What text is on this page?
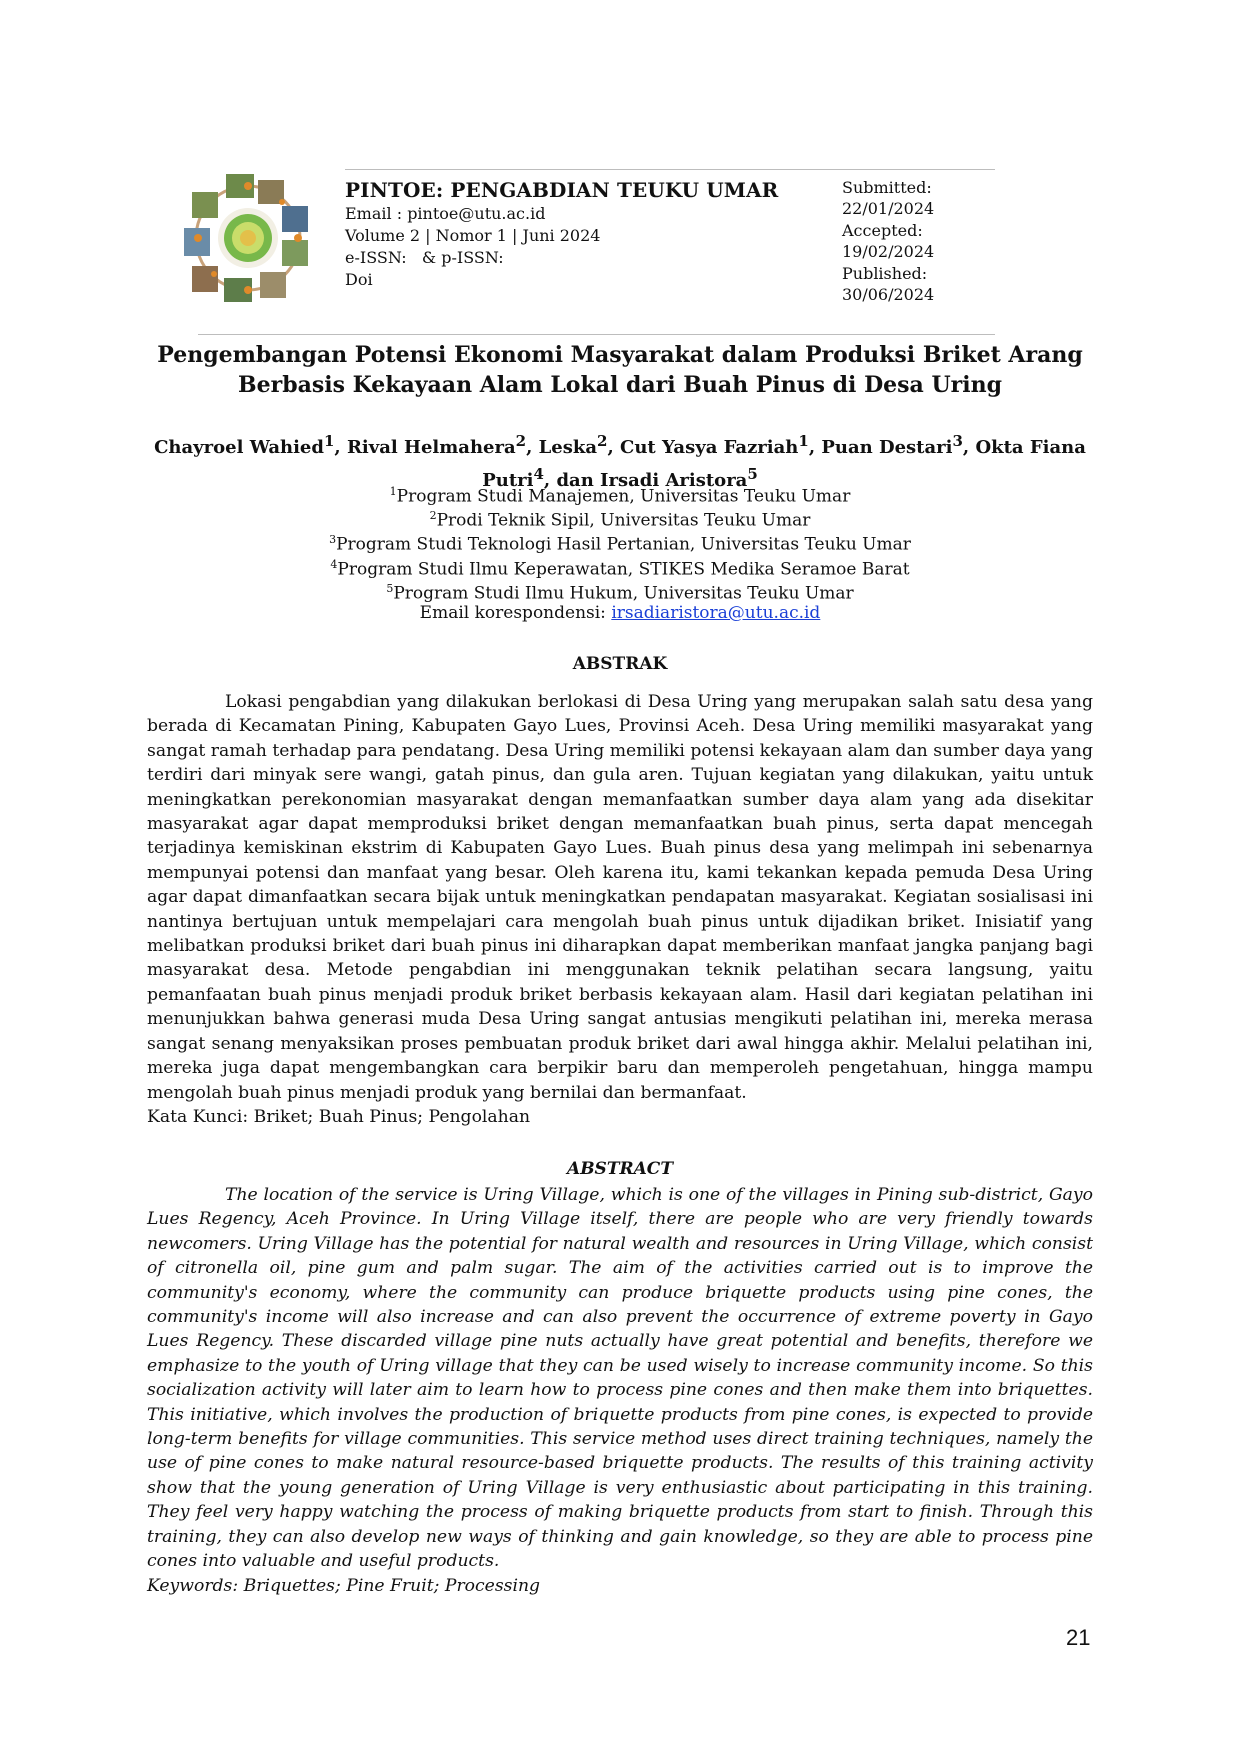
PINTOE: PENGABDIAN TEUKU UMAR
Email : pintoe@utu.ac.id
Volume 2 | Nomor 1 | Juni 2024
e-ISSN:   & p-ISSN:
Doi
Submitted:
22/01/2024
Accepted:
19/02/2024
Published:
30/06/2024
Pengembangan Potensi Ekonomi Masyarakat dalam Produksi Briket Arang
Berbasis Kekayaan Alam Lokal dari Buah Pinus di Desa Uring
Chayroel Wahied$^1$, Rival Helmahera$^2$, Leska$^2$, Cut Yasya Fazriah$^1$, Puan Destari$^3$, Okta Fiana Putri$^4$, dan Irsadi Aristora$^5$
$^1$Program Studi Manajemen, Universitas Teuku Umar
$^2$Prodi Teknik Sipil, Universitas Teuku Umar
$^3$Program Studi Teknologi Hasil Pertanian, Universitas Teuku Umar
$^4$Program Studi Ilmu Keperawatan, STIKES Medika Seramoe Barat
$^5$Program Studi Ilmu Hukum, Universitas Teuku Umar
Email korespondensi: irsadiaristora@utu.ac.id
ABSTRAK

Lokasi pengabdian yang dilakukan berlokasi di Desa Uring yang merupakan salah satu desa yang berada di Kecamatan Pining, Kabupaten Gayo Lues, Provinsi Aceh. Desa Uring memiliki masyarakat yang sangat ramah terhadap para pendatang. Desa Uring memiliki potensi kekayaan alam dan sumber daya yang terdiri dari minyak sere wangi, gatah pinus, dan gula aren. Tujuan kegiatan yang dilakukan, yaitu untuk meningkatkan perekonomian masyarakat dengan memanfaatkan sumber daya alam yang ada disekitar masyarakat agar dapat memproduksi briket dengan memanfaatkan buah pinus, serta dapat mencegah terjadinya kemiskinan ekstrim di Kabupaten Gayo Lues. Buah pinus desa yang melimpah ini sebenarnya mempunyai potensi dan manfaat yang besar. Oleh karena itu, kami tekankan kepada pemuda Desa Uring agar dapat dimanfaatkan secara bijak untuk meningkatkan pendapatan masyarakat. Kegiatan sosialisasi ini nantinya bertujuan untuk mempelajari cara mengolah buah pinus untuk dijadikan briket. Inisiatif yang melibatkan produksi briket dari buah pinus ini diharapkan dapat memberikan manfaat jangka panjang bagi masyarakat desa. Metode pengabdian ini menggunakan teknik pelatihan secara langsung, yaitu pemanfaatan buah pinus menjadi produk briket berbasis kekayaan alam. Hasil dari kegiatan pelatihan ini menunjukkan bahwa generasi muda Desa Uring sangat antusias mengikuti pelatihan ini, mereka merasa sangat senang menyaksikan proses pembuatan produk briket dari awal hingga akhir. Melalui pelatihan ini, mereka juga dapat mengembangkan cara berpikir baru dan memperoleh pengetahuan, hingga mampu mengolah buah pinus menjadi produk yang bernilai dan bermanfaat.

Kata Kunci: Briket; Buah Pinus; Pengolahan
ABSTRACT

The location of the service is Uring Village, which is one of the villages in Pining sub-district, Gayo Lues Regency, Aceh Province. In Uring Village itself, there are people who are very friendly towards newcomers. Uring Village has the potential for natural wealth and resources in Uring Village, which consist of citronella oil, pine gum and palm sugar. The aim of the activities carried out is to improve the community's economy, where the community can produce briquette products using pine cones, the community's income will also increase and can also prevent the occurrence of extreme poverty in Gayo Lues Regency. These discarded village pine nuts actually have great potential and benefits, therefore we emphasize to the youth of Uring village that they can be used wisely to increase community income. So this socialization activity will later aim to learn how to process pine cones and then make them into briquettes. This initiative, which involves the production of briquette products from pine cones, is expected to provide long-term benefits for village communities. This service method uses direct training techniques, namely the use of pine cones to make natural resource-based briquette products. The results of this training activity show that the young generation of Uring Village is very enthusiastic about participating in this training. They feel very happy watching the process of making briquette products from start to finish. Through this training, they can also develop new ways of thinking and gain knowledge, so they are able to process pine cones into valuable and useful products.

Keywords: Briquettes; Pine Fruit; Processing
21
